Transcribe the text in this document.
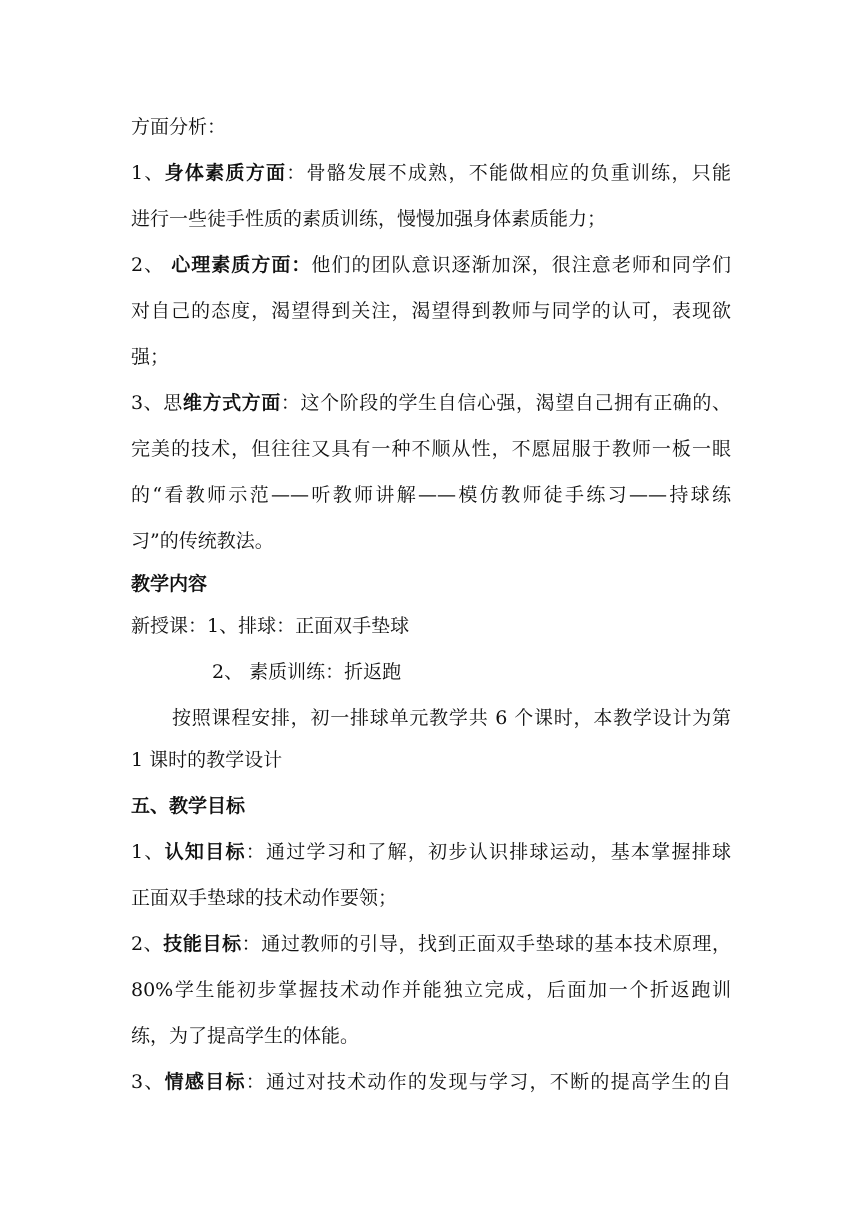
方面分析：
1、身体素质方面：骨骼发展不成熟，不能做相应的负重训练，只能
进行一些徒手性质的素质训练，慢慢加强身体素质能力；
2、 心理素质方面：他们的团队意识逐渐加深，很注意老师和同学们
对自己的态度，渴望得到关注，渴望得到教师与同学的认可，表现欲
强；
3、思维方式方面：这个阶段的学生自信心强，渴望自己拥有正确的、
完美的技术，但往往又具有一种不顺从性，不愿屈服于教师一板一眼
的“看教师示范——听教师讲解——模仿教师徒手练习——持球练
习”的传统教法。
教学内容
新授课：1、排球：正面双手垫球
2、 素质训练：折返跑
按照课程安排，初一排球单元教学共 6 个课时，本教学设计为第
1 课时的教学设计
五、教学目标
1、认知目标：通过学习和了解，初步认识排球运动，基本掌握排球
正面双手垫球的技术动作要领；
2、技能目标：通过教师的引导，找到正面双手垫球的基本技术原理，
80%学生能初步掌握技术动作并能独立完成，后面加一个折返跑训
练，为了提高学生的体能。
3、情感目标：通过对技术动作的发现与学习，不断的提高学生的自
